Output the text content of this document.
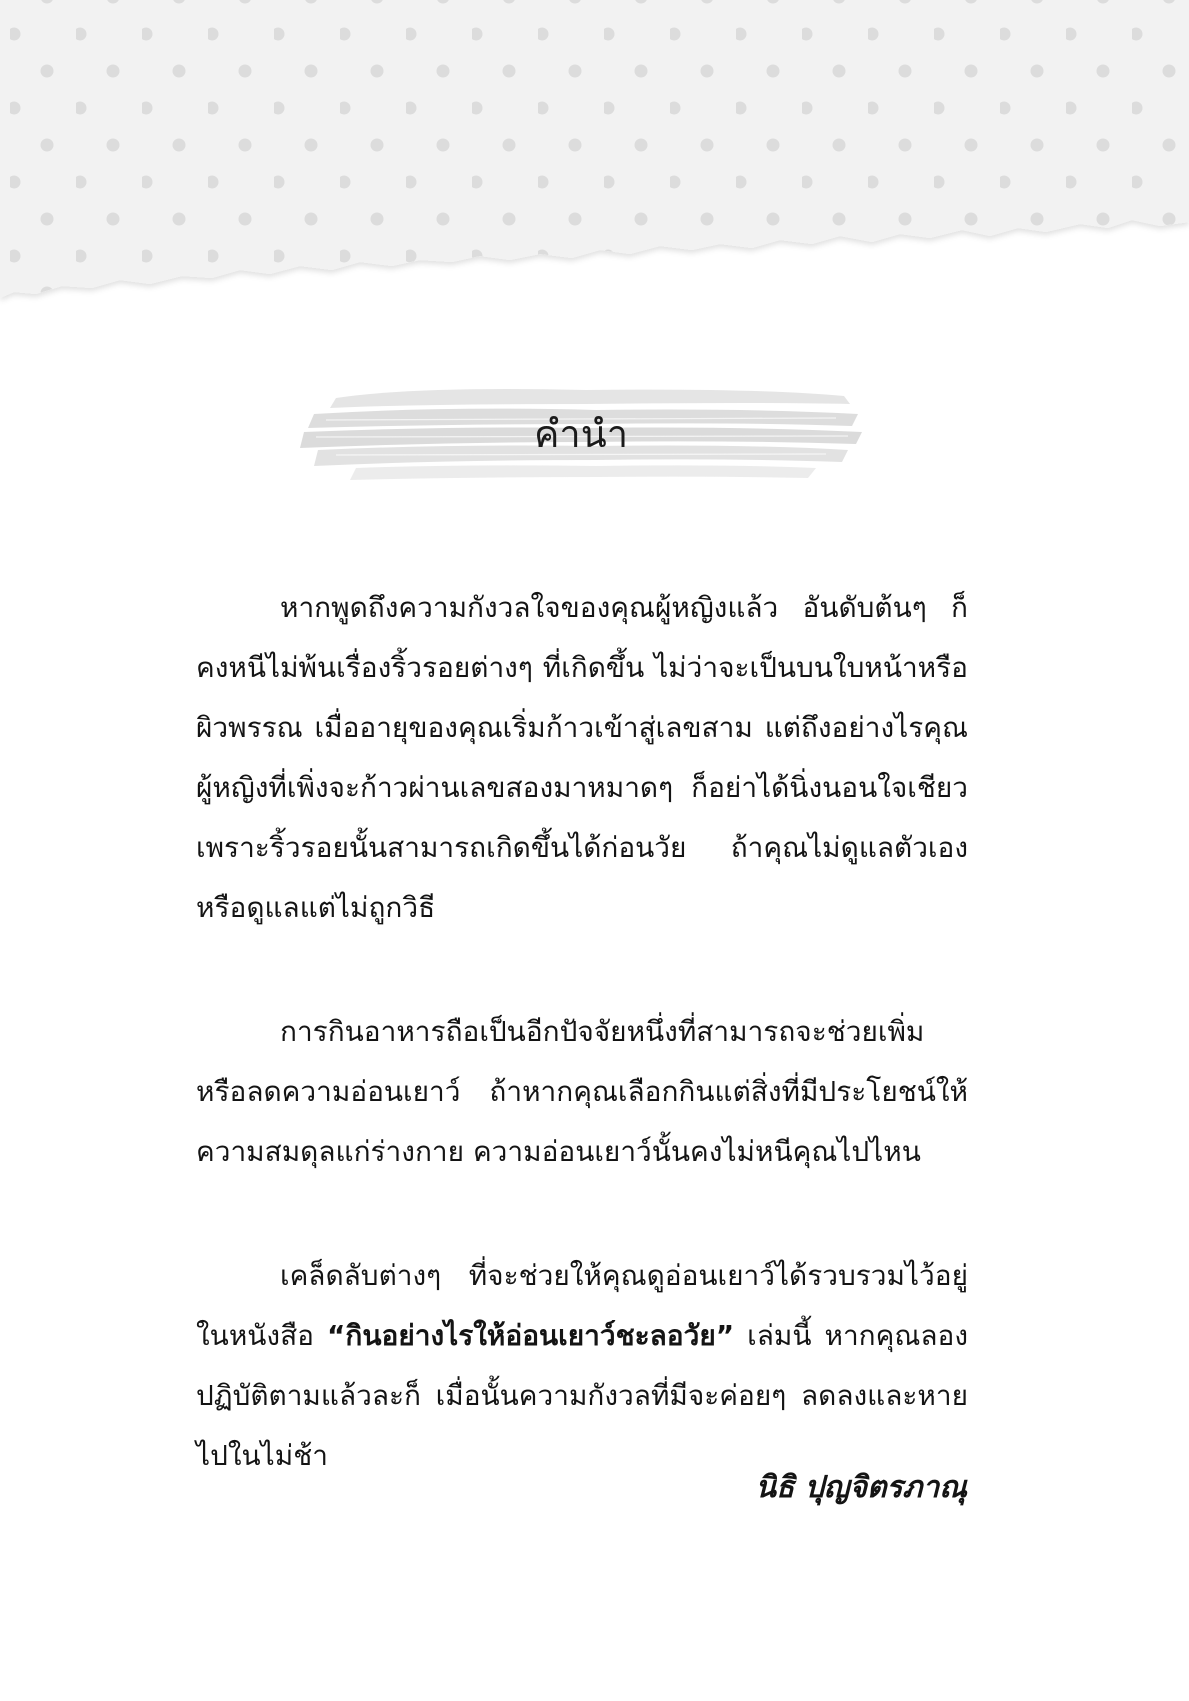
คำนำ

หากพูดถึงความกังวลใจของคุณผู้หญิงแล้ว อันดับต้นๆ ก็คงหนีไม่พ้นเรื่องริ้วรอยต่างๆ ที่เกิดขึ้น ไม่ว่าจะเป็นบนใบหน้าหรือผิวพรรณ เมื่ออายุของคุณเริ่มก้าวเข้าสู่เลขสาม แต่ถึงอย่างไรคุณผู้หญิงที่เพิ่งจะก้าวผ่านเลขสองมาหมาดๆ ก็อย่าได้นิ่งนอนใจเชียว เพราะริ้วรอยนั้นสามารถเกิดขึ้นได้ก่อนวัย ถ้าคุณไม่ดูแลตัวเองหรือดูแลแต่ไม่ถูกวิธี

การกินอาหารถือเป็นอีกปัจจัยหนึ่งที่สามารถจะช่วยเพิ่มหรือลดความอ่อนเยาว์ ถ้าหากคุณเลือกกินแต่สิ่งที่มีประโยชน์ให้ความสมดุลแก่ร่างกาย ความอ่อนเยาว์นั้นคงไม่หนีคุณไปไหน

เคล็ดลับต่างๆ ที่จะช่วยให้คุณดูอ่อนเยาว์ได้รวบรวมไว้อยู่ในหนังสือ “กินอย่างไรให้อ่อนเยาว์ชะลอวัย” เล่มนี้ หากคุณลองปฏิบัติตามแล้วละก็ เมื่อนั้นความกังวลที่มีจะค่อยๆ ลดลงและหายไปในไม่ช้า

นิธิ ปุญจิตรภาณุ
